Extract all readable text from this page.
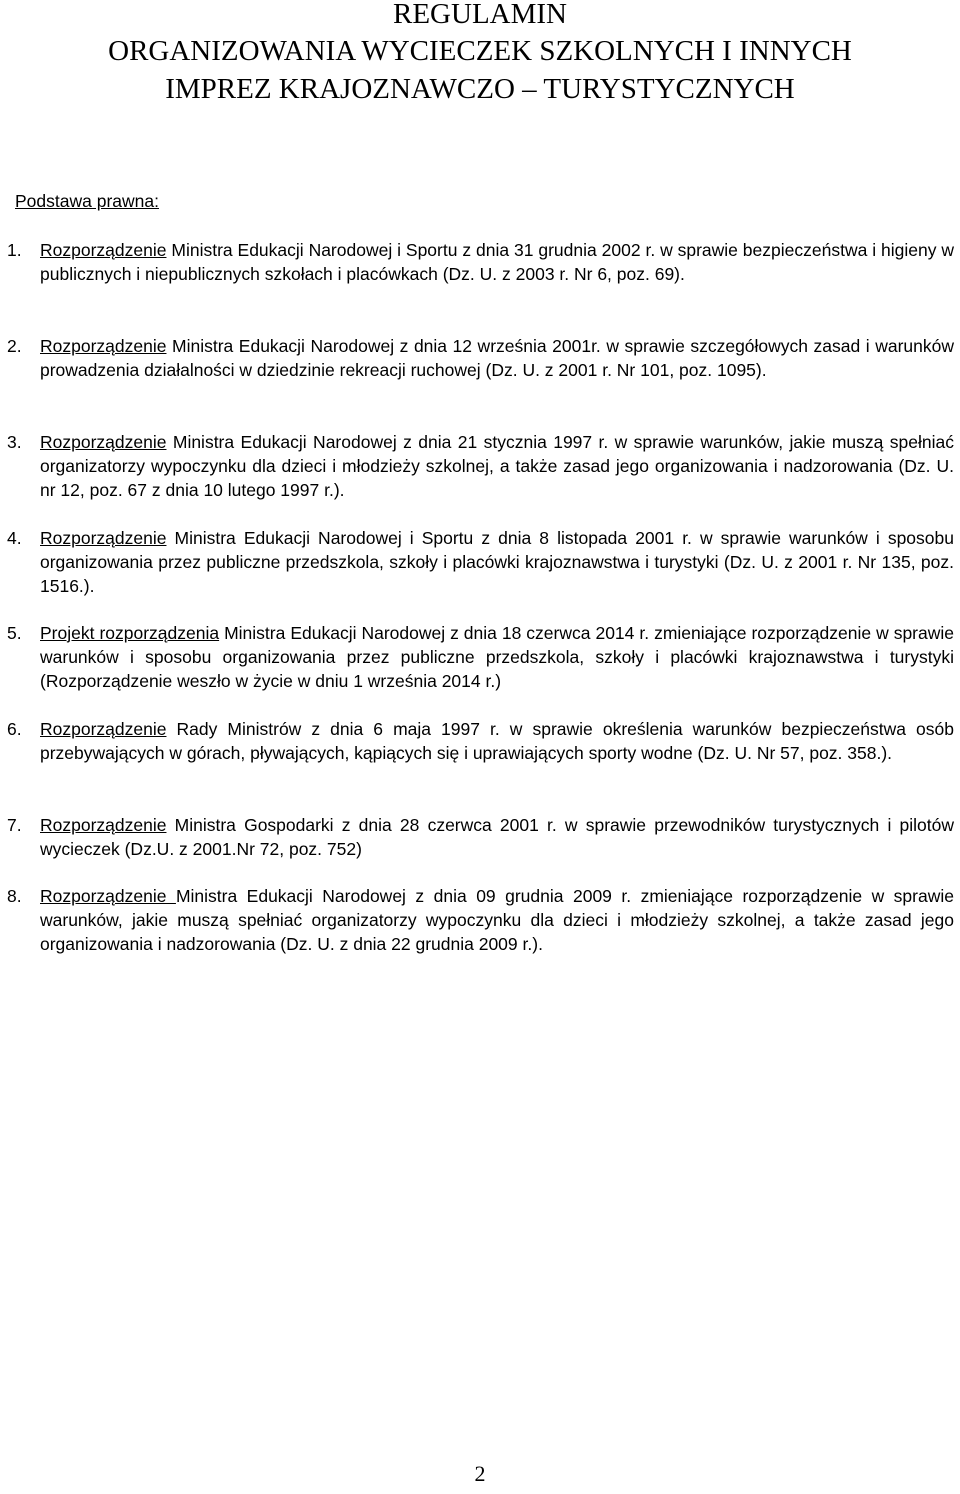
REGULAMIN
ORGANIZOWANIA WYCIECZEK SZKOLNYCH I INNYCH
IMPREZ KRAJOZNAWCZO – TURYSTYCZNYCH
Podstawa prawna:
1. Rozporządzenie Ministra Edukacji Narodowej i Sportu z dnia 31 grudnia 2002 r. w sprawie bezpieczeństwa i higieny w publicznych i niepublicznych szkołach i placówkach (Dz. U. z 2003 r. Nr 6, poz. 69).
2. Rozporządzenie Ministra Edukacji Narodowej z dnia 12 września 2001r. w sprawie szczegółowych zasad i warunków prowadzenia działalności w dziedzinie rekreacji ruchowej (Dz. U. z 2001 r. Nr 101, poz. 1095).
3. Rozporządzenie Ministra Edukacji Narodowej z dnia 21 stycznia 1997 r. w sprawie warunków, jakie muszą spełniać organizatorzy wypoczynku dla dzieci i młodzieży szkolnej, a także zasad jego organizowania i nadzorowania (Dz. U. nr 12, poz. 67 z dnia 10 lutego 1997 r.).
4. Rozporządzenie Ministra Edukacji Narodowej i Sportu z dnia 8 listopada 2001 r. w sprawie warunków i sposobu organizowania przez publiczne przedszkola, szkoły i placówki krajoznawstwa i turystyki (Dz. U. z 2001 r. Nr 135, poz. 1516.).
5. Projekt rozporządzenia Ministra Edukacji Narodowej z dnia 18 czerwca 2014 r. zmieniające rozporządzenie w sprawie warunków i sposobu organizowania przez publiczne przedszkola, szkoły i placówki krajoznawstwa i turystyki (Rozporządzenie weszło w życie w dniu 1 września 2014 r.)
6. Rozporządzenie Rady Ministrów z dnia 6 maja 1997 r. w sprawie określenia warunków bezpieczeństwa osób przebywających w górach, pływających, kąpiących się i uprawiających sporty wodne (Dz. U. Nr 57, poz. 358.).
7. Rozporządzenie Ministra Gospodarki z dnia 28 czerwca 2001 r. w sprawie przewodników turystycznych i pilotów wycieczek (Dz.U. z 2001.Nr 72, poz. 752)
8. Rozporządzenie Ministra Edukacji Narodowej z dnia 09 grudnia 2009 r. zmieniające rozporządzenie w sprawie warunków, jakie muszą spełniać organizatorzy wypoczynku dla dzieci i młodzieży szkolnej, a także zasad jego organizowania i nadzorowania (Dz. U. z dnia 22 grudnia 2009 r.).
2
